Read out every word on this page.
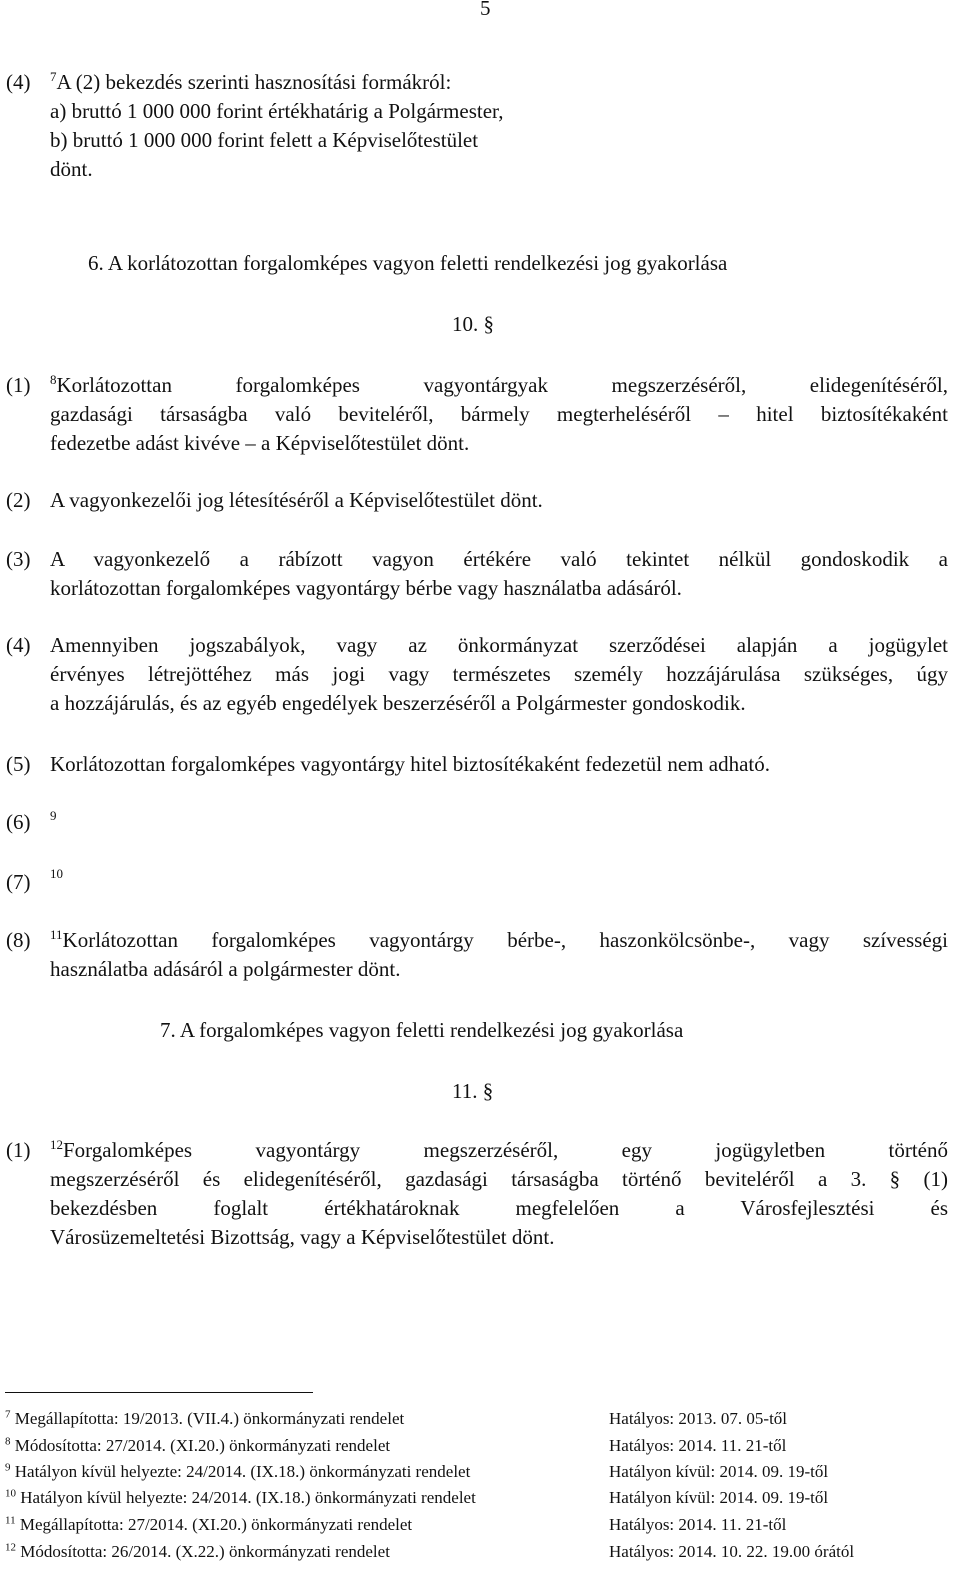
5
(4) $^7$A (2) bekezdés szerinti hasznosítási formákról:
a) bruttó 1 000 000 forint értékhatárig a Polgármester,
b) bruttó 1 000 000 forint felett a Képviselőtestület
dönt.
6. A korlátozottan forgalomképes vagyon feletti rendelkezési jog gyakorlása
10. §
(1) $^8$Korlátozottan forgalomképes vagyontárgyak megszerzéséről, elidegenítéséről,
gazdasági társaságba való beviteléről, bármely megterheléséről – hitel biztosítékaként
fedezetbe adást kivéve – a Képviselőtestület dönt.
(2) A vagyonkezelői jog létesítéséről a Képviselőtestület dönt.
(3) A vagyonkezelő a rábízott vagyon értékére való tekintet nélkül gondoskodik a
korlátozottan forgalomképes vagyontárgy bérbe vagy használatba adásáról.
(4) Amennyiben jogszabályok, vagy az önkormányzat szerződései alapján a jogügylet
érvényes létrejöttéhez más jogi vagy természetes személy hozzájárulása szükséges, úgy
a hozzájárulás, és az egyéb engedélyek beszerzéséről a Polgármester gondoskodik.
(5) Korlátozottan forgalomképes vagyontárgy hitel biztosítékaként fedezetül nem adható.
(6) 9
(7) 10
(8) $^{11}$Korlátozottan forgalomképes vagyontárgy bérbe-, haszonkölcsönbe-, vagy szívességi
használatba adásáról a polgármester dönt.
7. A forgalomképes vagyon feletti rendelkezési jog gyakorlása
11. §
(1) $^{12}$Forgalomképes vagyontárgy megszerzéséről, egy jogügyletben történő
megszerzéséről és elidegenítéséről, gazdasági társaságba történő beviteléről a 3. § (1)
bekezdésben foglalt értékhatároknak megfelelően a Városfejlesztési és
Városüzemeltetési Bizottság, vagy a Képviselőtestület dönt.
$^7$ Megállapította: 19/2013. (VII.4.) önkormányzati rendelet	Hatályos: 2013. 07. 05-től
$^8$ Módosította: 27/2014. (XI.20.) önkormányzati rendelet	Hatályos: 2014. 11. 21-től
$^9$ Hatályon kívül helyezte: 24/2014. (IX.18.) önkormányzati rendelet	Hatályon kívül: 2014. 09. 19-től
$^{10}$ Hatályon kívül helyezte: 24/2014. (IX.18.) önkormányzati rendelet	Hatályon kívül: 2014. 09. 19-től
$^{11}$ Megállapította: 27/2014. (XI.20.) önkormányzati rendelet	Hatályos: 2014. 11. 21-től
$^{12}$ Módosította: 26/2014. (X.22.) önkormányzati rendelet	Hatályos: 2014. 10. 22. 19.00 órától
